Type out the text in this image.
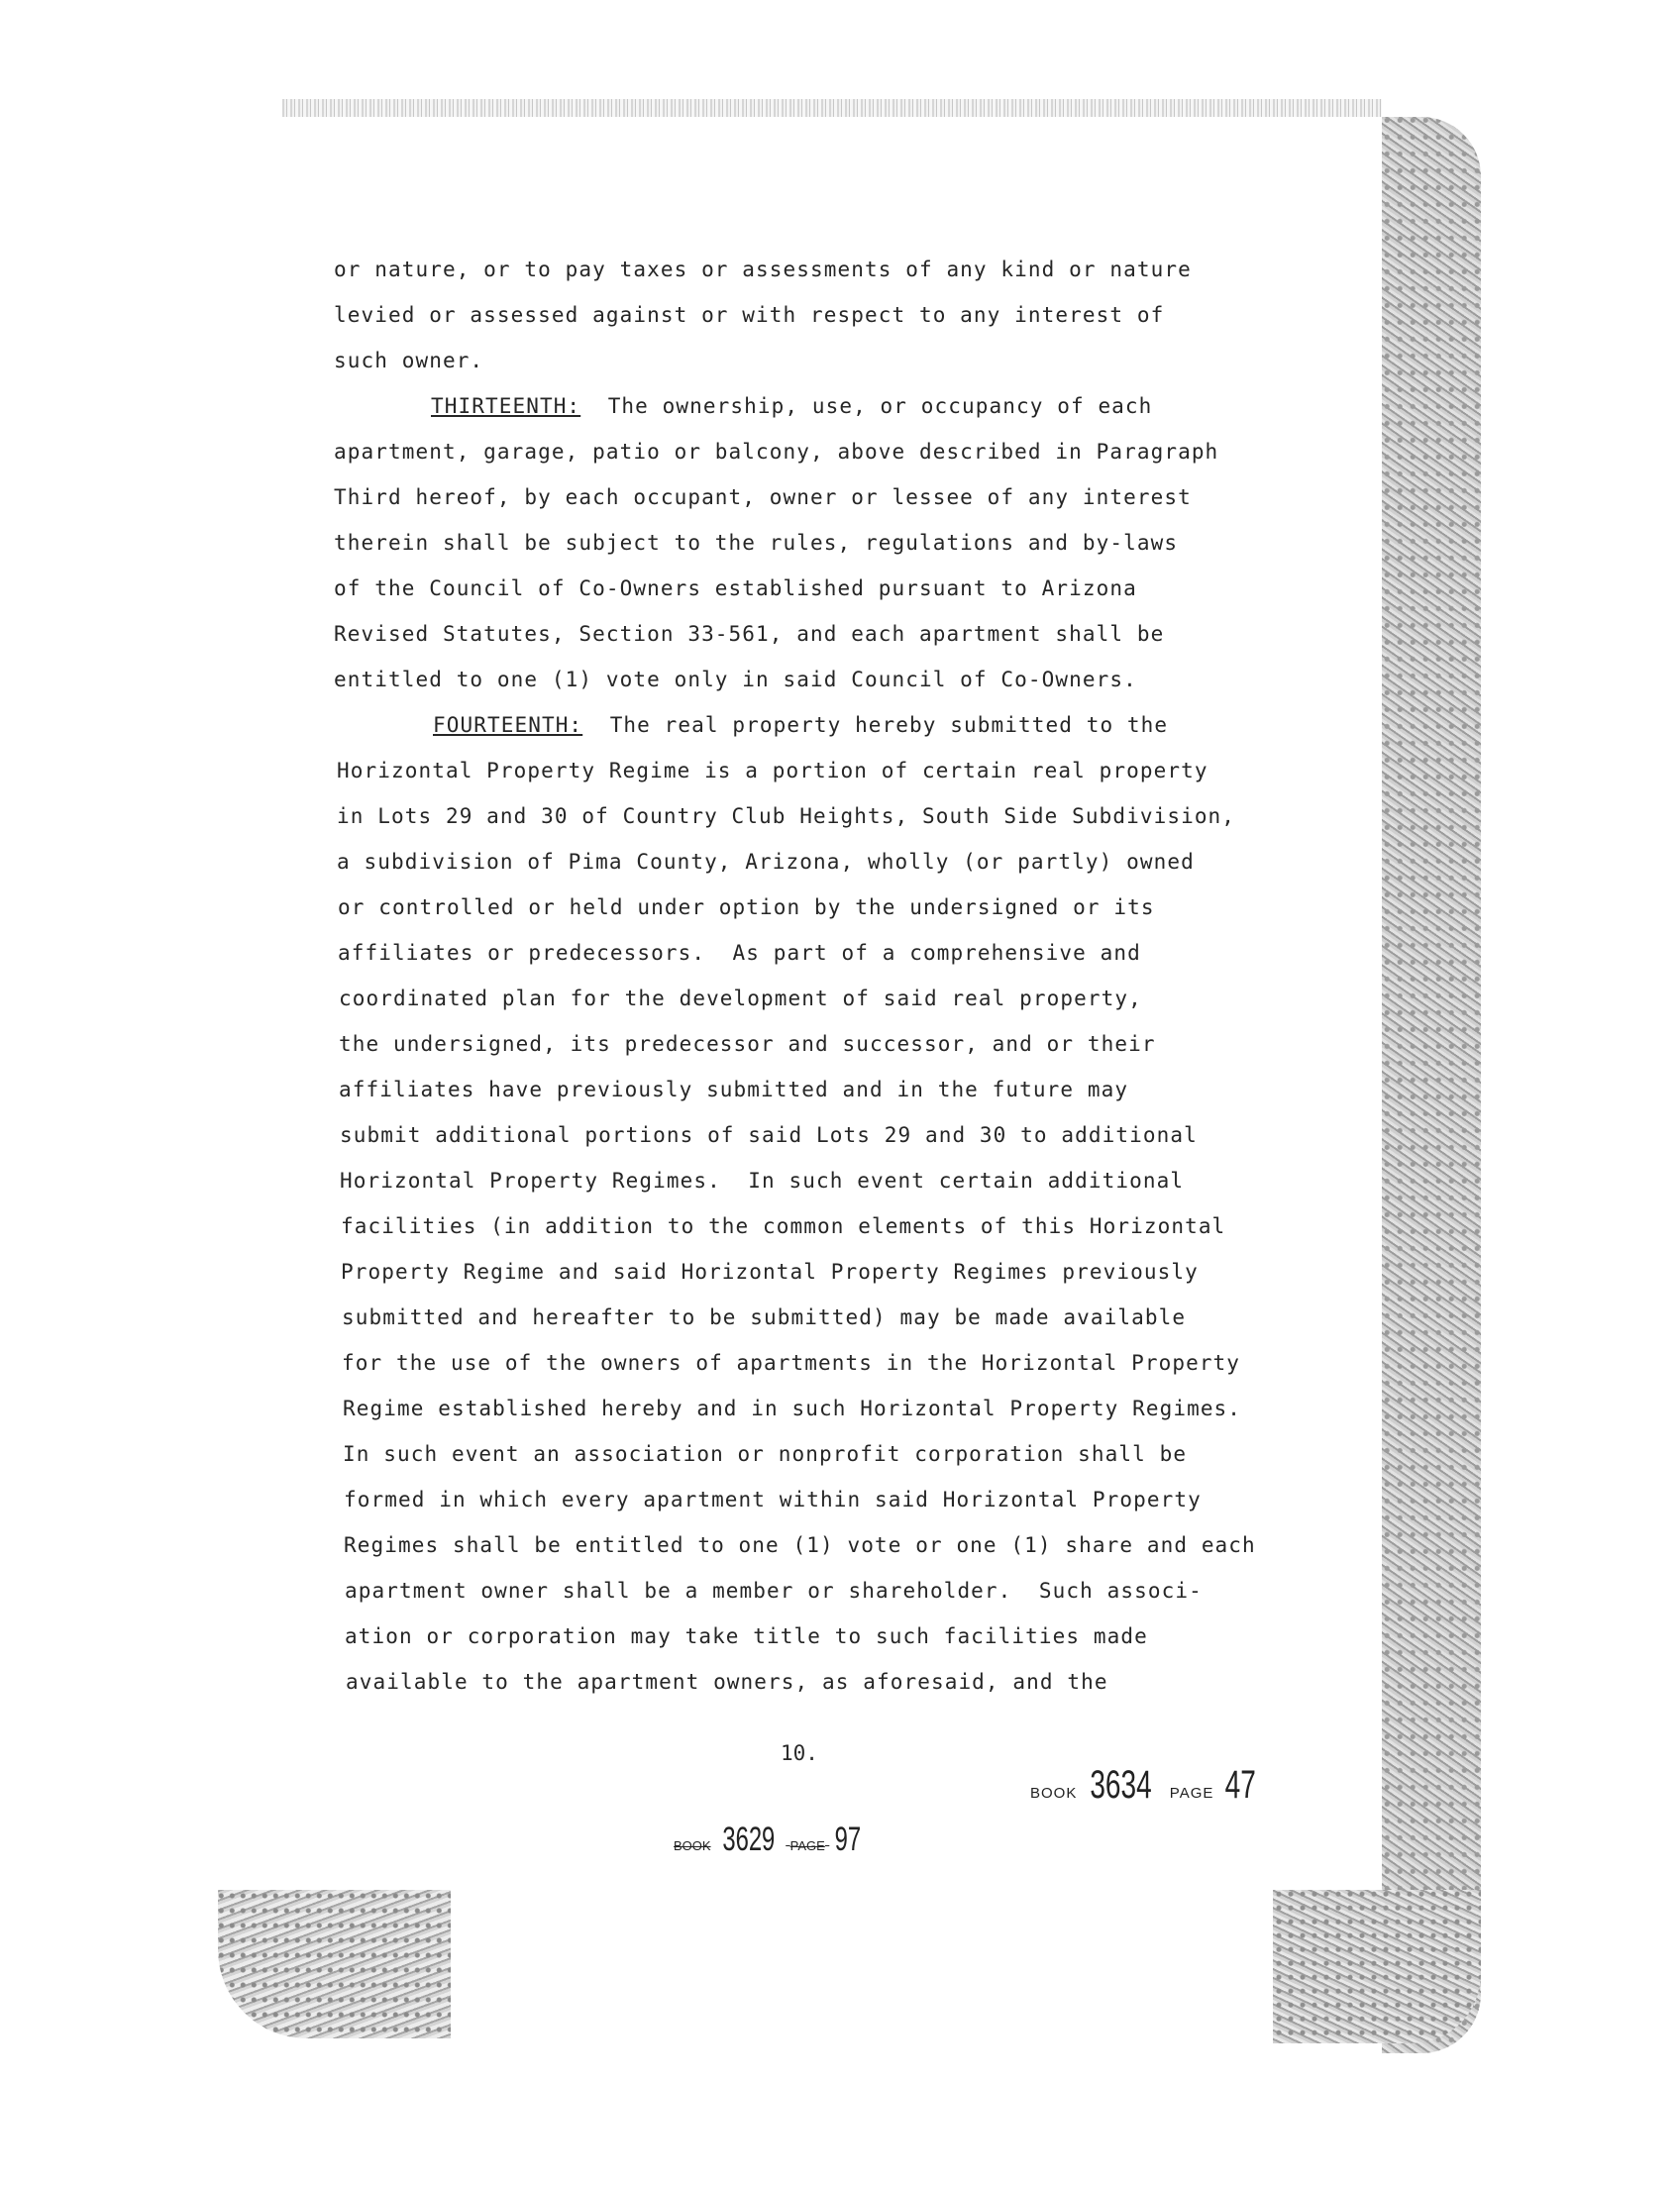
or nature, or to pay taxes or assessments of any kind or nature
levied or assessed against or with respect to any interest of
such owner.
THIRTEENTH: The ownership, use, or occupancy of each
apartment, garage, patio or balcony, above described in Paragraph
Third hereof, by each occupant, owner or lessee of any interest
therein shall be subject to the rules, regulations and by-laws
of the Council of Co-Owners established pursuant to Arizona
Revised Statutes, Section 33-561, and each apartment shall be
entitled to one (1) vote only in said Council of Co-Owners.
FOURTEENTH: The real property hereby submitted to the
Horizontal Property Regime is a portion of certain real property
in Lots 29 and 30 of Country Club Heights, South Side Subdivision,
a subdivision of Pima County, Arizona, wholly (or partly) owned
or controlled or held under option by the undersigned or its
affiliates or predecessors.  As part of a comprehensive and
coordinated plan for the development of said real property,
the undersigned, its predecessor and successor, and or their
affiliates have previously submitted and in the future may
submit additional portions of said Lots 29 and 30 to additional
Horizontal Property Regimes.  In such event certain additional
facilities (in addition to the common elements of this Horizontal
Property Regime and said Horizontal Property Regimes previously
submitted and hereafter to be submitted) may be made available
for the use of the owners of apartments in the Horizontal Property
Regime established hereby and in such Horizontal Property Regimes.
In such event an association or nonprofit corporation shall be
formed in which every apartment within said Horizontal Property
Regimes shall be entitled to one (1) vote or one (1) share and each
apartment owner shall be a member or shareholder.  Such associ-
ation or corporation may take title to such facilities made
available to the apartment owners, as aforesaid, and the
10.
BOOK 3634 PAGE 47
BOOK 3629 PAGE 97
